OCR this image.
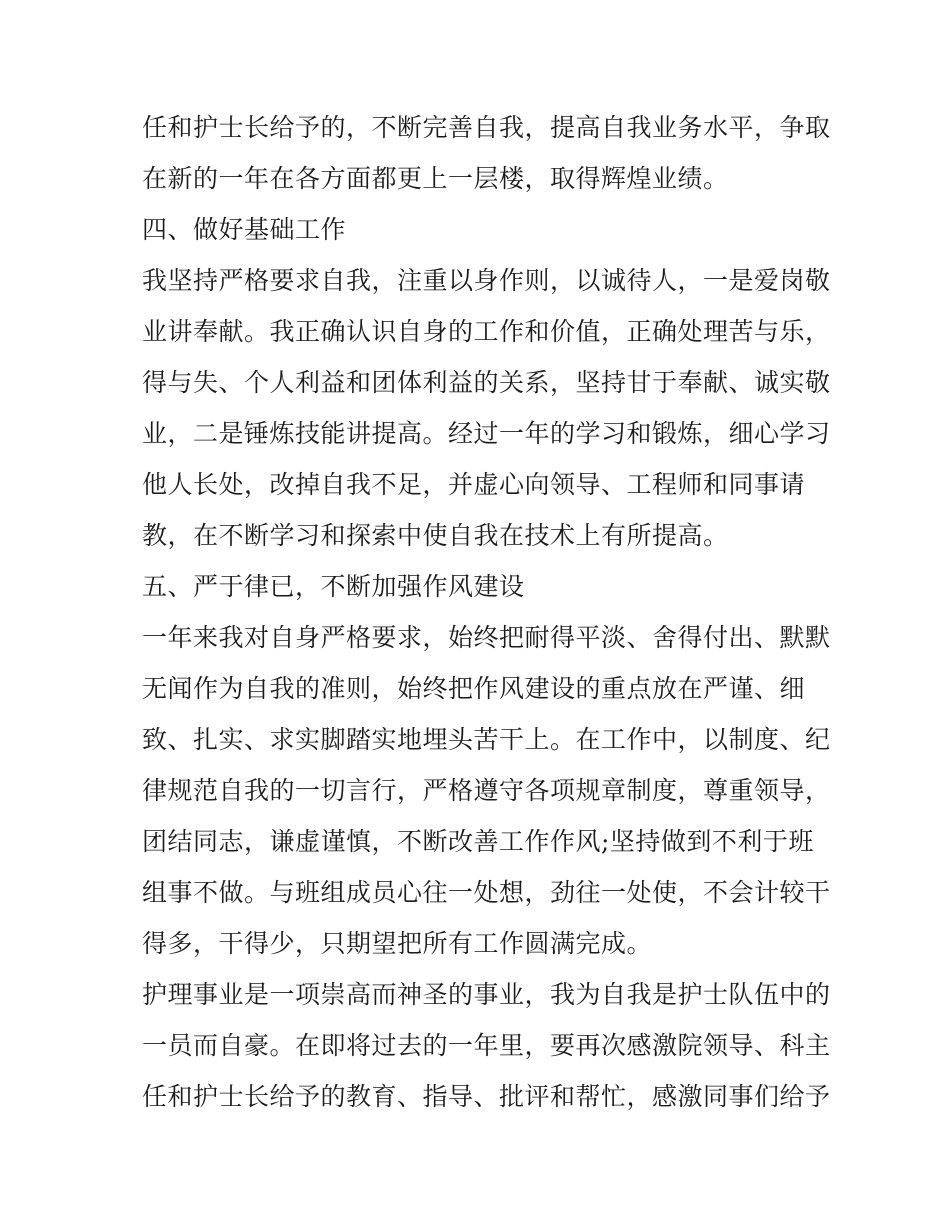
任和护士长给予的，不断完善自我，提高自我业务水平，争取
在新的一年在各方面都更上一层楼，取得辉煌业绩。
四、做好基础工作
我坚持严格要求自我，注重以身作则，以诚待人，一是爱岗敬
业讲奉献。我正确认识自身的工作和价值，正确处理苦与乐，
得与失、个人利益和团体利益的关系，坚持甘于奉献、诚实敬
业，二是锤炼技能讲提高。经过一年的学习和锻炼，细心学习
他人长处，改掉自我不足，并虚心向领导、工程师和同事请
教，在不断学习和探索中使自我在技术上有所提高。
五、严于律已，不断加强作风建设
一年来我对自身严格要求，始终把耐得平淡、舍得付出、默默
无闻作为自我的准则，始终把作风建设的重点放在严谨、细
致、扎实、求实脚踏实地埋头苦干上。在工作中，以制度、纪
律规范自我的一切言行，严格遵守各项规章制度，尊重领导，
团结同志，谦虚谨慎，不断改善工作作风;坚持做到不利于班
组事不做。与班组成员心往一处想，劲往一处使，不会计较干
得多，干得少，只期望把所有工作圆满完成。
护理事业是一项崇高而神圣的事业，我为自我是护士队伍中的
一员而自豪。在即将过去的一年里，要再次感激院领导、科主
任和护士长给予的教育、指导、批评和帮忙，感激同事们给予
